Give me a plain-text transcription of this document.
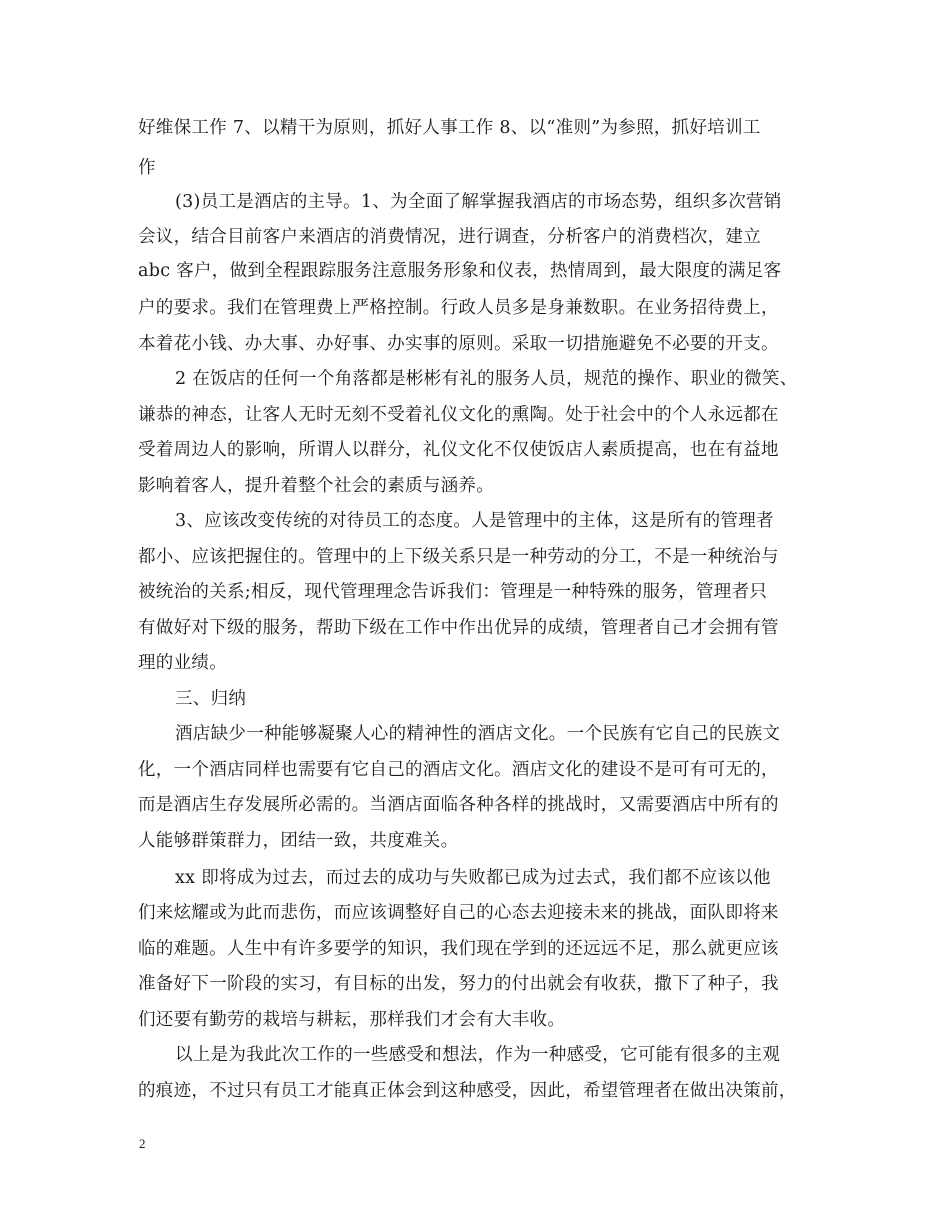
好维保工作 7、以精干为原则，抓好人事工作 8、以“准则”为参照，抓好培训工
作
(3)员工是酒店的主导。1、为全面了解掌握我酒店的市场态势，组织多次营销
会议，结合目前客户来酒店的消费情况，进行调查，分析客户的消费档次，建立
abc 客户，做到全程跟踪服务注意服务形象和仪表，热情周到，最大限度的满足客
户的要求。我们在管理费上严格控制。行政人员多是身兼数职。在业务招待费上，
本着花小钱、办大事、办好事、办实事的原则。采取一切措施避免不必要的开支。
2 在饭店的任何一个角落都是彬彬有礼的服务人员，规范的操作、职业的微笑、
谦恭的神态，让客人无时无刻不受着礼仪文化的熏陶。处于社会中的个人永远都在
受着周边人的影响，所谓人以群分，礼仪文化不仅使饭店人素质提高，也在有益地
影响着客人，提升着整个社会的素质与涵养。
3、应该改变传统的对待员工的态度。人是管理中的主体，这是所有的管理者
都小、应该把握住的。管理中的上下级关系只是一种劳动的分工，不是一种统治与
被统治的关系;相反，现代管理理念告诉我们：管理是一种特殊的服务，管理者只
有做好对下级的服务，帮助下级在工作中作出优异的成绩，管理者自己才会拥有管
理的业绩。
三、归纳
酒店缺少一种能够凝聚人心的精神性的酒店文化。一个民族有它自己的民族文
化，一个酒店同样也需要有它自己的酒店文化。酒店文化的建设不是可有可无的，
而是酒店生存发展所必需的。当酒店面临各种各样的挑战时，又需要酒店中所有的
人能够群策群力，团结一致，共度难关。
xx 即将成为过去，而过去的成功与失败都已成为过去式，我们都不应该以他
们来炫耀或为此而悲伤，而应该调整好自己的心态去迎接未来的挑战，面队即将来
临的难题。人生中有许多要学的知识，我们现在学到的还远远不足，那么就更应该
准备好下一阶段的实习，有目标的出发，努力的付出就会有收获，撒下了种子，我
们还要有勤劳的栽培与耕耘，那样我们才会有大丰收。
以上是为我此次工作的一些感受和想法，作为一种感受，它可能有很多的主观
的痕迹，不过只有员工才能真正体会到这种感受，因此，希望管理者在做出决策前，
2
